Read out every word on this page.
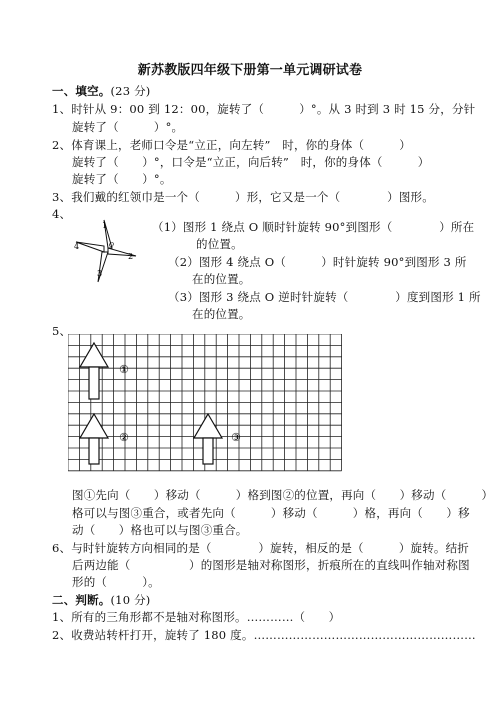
新苏教版四年级下册第一单元调研试卷
一、填空。(23 分)
1、时针从 9：00 到 12：00，旋转了（　　　）°。从 3 时到 3 时 15 分，分针
旋转了（　　　）°。
2、体育课上，老师口令是“立正，向左转”　时，你的身体（　　　）
旋转了（　　）°，口令是“立正，向后转”　时，你的身体（　　　）
旋转了（　　）°。
3、我们戴的红领巾是一个（　　　）形，它又是一个（　　　　）图形。
4、
1
2
3
4	O
（1）图形 1 绕点 O 顺时针旋转 90°到图形（　　　　）所在
的位置。
（2）图形 4 绕点 O（　　　）时针旋转 90°到图形 3 所
在的位置。
（3）图形 3 绕点 O 逆时针旋转（　　　　）度到图形 1 所
在的位置。
5、
①
②	③
图①先向（　　）移动（　　　）格到图②的位置，再向（　　）移动（　　　）
格可以与图③重合，或者先向（　　　）移动（　　　）格，再向（　　）移
动（　　）格也可以与图③重合。
6、与时针旋转方向相同的是（　　　　）旋转，相反的是（　　　）旋转。结折
后两边能（　　　　　）的图形是轴对称图形，折痕所在的直线叫作轴对称图
形的（　　　）。
二、判断。(10 分)
1、所有的三角形都不是轴对称图形。…………（　　）
2、收费站转杆打开，旋转了 180 度。…………………………………………………
